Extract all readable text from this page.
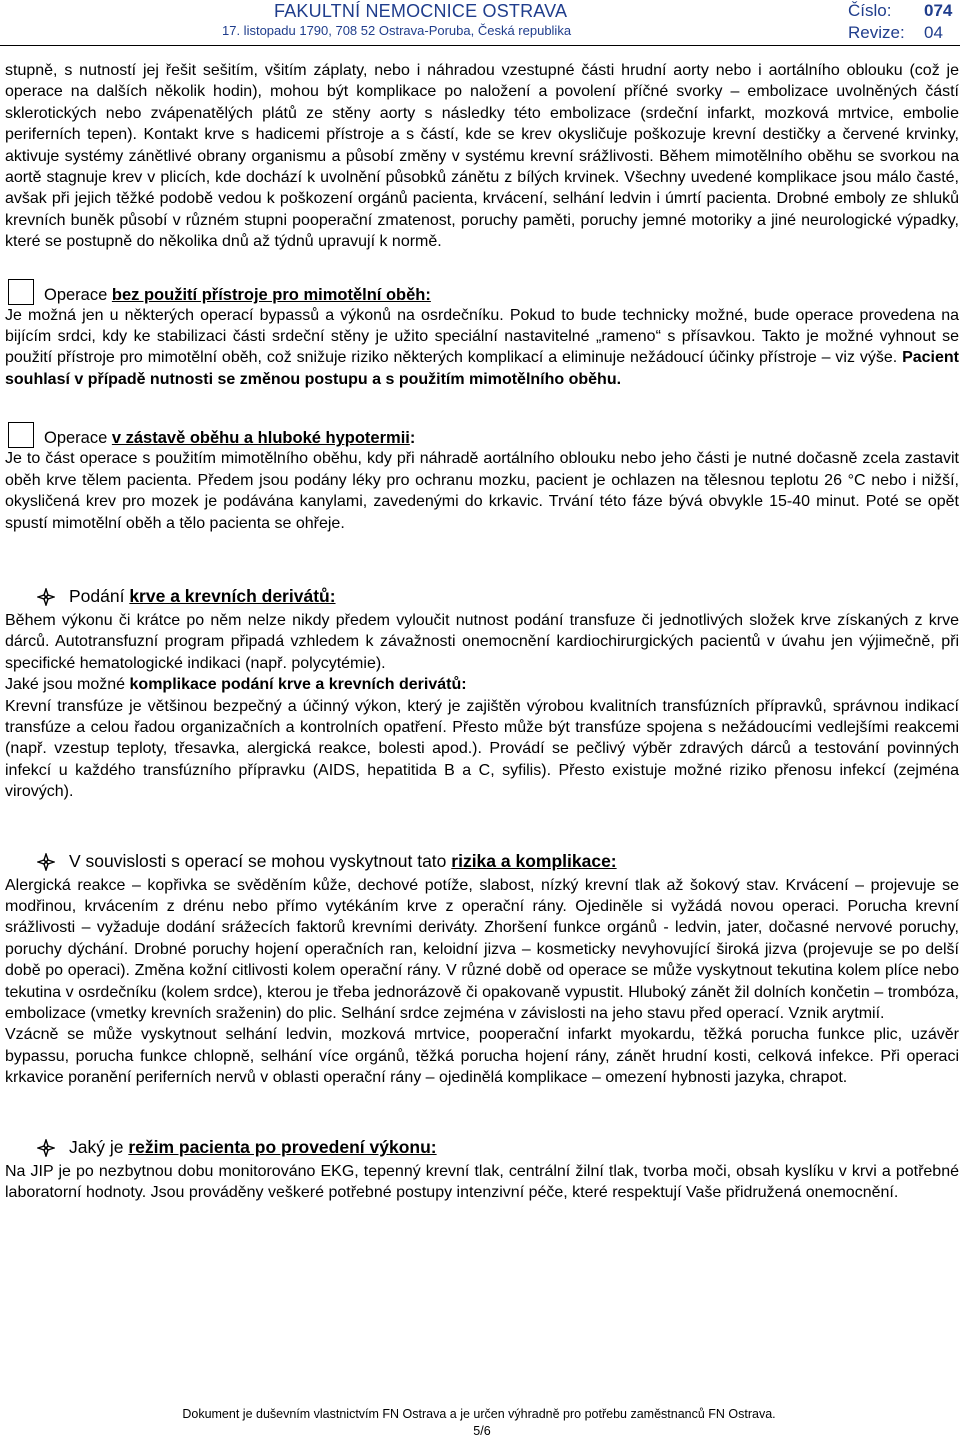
FAKULTNÍ NEMOCNICE OSTRAVA
17. listopadu 1790, 708 52 Ostrava-Poruba, Česká republika
Číslo:	074
Revize:	04

stupně, s nutností jej řešit sešitím, všitím záplaty, nebo i náhradou vzestupné části hrudní aorty nebo i aortálního oblouku (což je operace na dalších několik hodin), mohou být komplikace po naložení a povolení příčné svorky – embolizace uvolněných částí sklerotických nebo zvápenatělých plátů ze stěny aorty s následky této embolizace (srdeční infarkt, mozková mrtvice, embolie periferních tepen). Kontakt krve s hadicemi přístroje a s částí, kde se krev okysličuje poškozuje krevní destičky a červené krvinky, aktivuje systémy zánětlivé obrany organismu a působí změny v systému krevní srážlivosti. Během mimotělního oběhu se svorkou na aortě stagnuje krev v plicích, kde dochází k uvolnění působků zánětu z bílých krvinek. Všechny uvedené komplikace jsou málo časté, avšak při jejich těžké podobě vedou k poškození orgánů pacienta, krvácení, selhání ledvin i úmrtí pacienta. Drobné emboly ze shluků krevních buněk působí v různém stupni pooperační zmatenost, poruchy paměti, poruchy jemné motoriky a jiné neurologické výpadky, které se postupně do několika dnů až týdnů upravují k normě.

Operace bez použití přístroje pro mimotělní oběh:

Je možná jen u některých operací bypassů a výkonů na osrdečníku. Pokud to bude technicky možné, bude operace provedena na bijícím srdci, kdy ke stabilizaci části srdeční stěny je užito speciální nastavitelné „rameno“ s přísavkou. Takto je možné vyhnout se použití přístroje pro mimotělní oběh, což snižuje riziko některých komplikací a eliminuje nežádoucí účinky přístroje – viz výše. Pacient souhlasí v případě nutnosti se změnou postupu a s použitím mimotělního oběhu.

Operace v zástavě oběhu a hluboké hypotermii :

Je to část operace s použitím mimotělního oběhu, kdy při náhradě aortálního oblouku nebo jeho části je nutné dočasně zcela zastavit oběh krve tělem pacienta. Předem jsou podány léky pro ochranu mozku, pacient je ochlazen na tělesnou teplotu 26 °C nebo i nižší, okysličená krev pro mozek je podávána kanylami, zavedenými do krkavic. Trvání této fáze bývá obvykle 15-40 minut. Poté se opět spustí mimotělní oběh a tělo pacienta se ohřeje.

Podání krve a krevních derivátů:

Během výkonu či krátce po něm nelze nikdy předem vyloučit nutnost podání transfuze či jednotlivých složek krve získaných z krve dárců. Autotransfuzní program připadá vzhledem k závažnosti onemocnění kardiochirurgických pacientů v úvahu jen výjimečně, při specifické hematologické indikaci (např. polycytémie).

Jaké jsou možné komplikace podání krve a krevních derivátů:

Krevní transfúze je většinou bezpečný a účinný výkon, který je zajištěn výrobou kvalitních transfúzních přípravků, správnou indikací transfúze a celou řadou organizačních a kontrolních opatření. Přesto může být transfúze spojena s nežádoucími vedlejšími reakcemi (např. vzestup teploty, třesavka, alergická reakce, bolesti apod.). Provádí se pečlivý výběr zdravých dárců a testování povinných infekcí u každého transfúzního přípravku (AIDS, hepatitida B a C, syfilis). Přesto existuje možné riziko přenosu infekcí (zejména virových).

V souvislosti s operací se mohou vyskytnout tato rizika a komplikace:

Alergická reakce – kopřivka se svěděním kůže, dechové potíže, slabost, nízký krevní tlak až šokový stav. Krvácení – projevuje se modřinou, krvácením z drénu nebo přímo vytékáním krve z operační rány. Ojediněle si vyžádá novou operaci. Porucha krevní srážlivosti – vyžaduje dodání srážecích faktorů krevními deriváty. Zhoršení funkce orgánů - ledvin, jater, dočasné nervové poruchy, poruchy dýchání. Drobné poruchy hojení operačních ran, keloidní jizva – kosmeticky nevyhovující široká jizva (projevuje se po delší době po operaci). Změna kožní citlivosti kolem operační rány. V různé době od operace se může vyskytnout tekutina kolem plíce nebo tekutina v osrdečníku (kolem srdce), kterou je třeba jednorázově či opakovaně vypustit. Hluboký zánět žil dolních končetin – trombóza, embolizace (vmetky krevních sraženin) do plic. Selhání srdce zejména v závislosti na jeho stavu před operací. Vznik arytmií.

Vzácně se může vyskytnout selhání ledvin, mozková mrtvice, pooperační infarkt myokardu, těžká porucha funkce plic, uzávěr bypassu, porucha funkce chlopně, selhání více orgánů, těžká porucha hojení rány, zánět hrudní kosti, celková infekce. Při operaci krkavice poranění periferních nervů v oblasti operační rány – ojedinělá komplikace – omezení hybnosti jazyka, chrapot.

Jaký je režim pacienta po provedení výkonu:

Na JIP je po nezbytnou dobu monitorováno EKG, tepenný krevní tlak, centrální žilní tlak, tvorba moči, obsah kyslíku v krvi a potřebné laboratorní hodnoty. Jsou prováděny veškeré potřebné postupy intenzivní péče, které respektují Vaše přidružená onemocnění.

Dokument je duševním vlastnictvím FN Ostrava a je určen výhradně pro potřebu zaměstnanců FN Ostrava.
5/6
